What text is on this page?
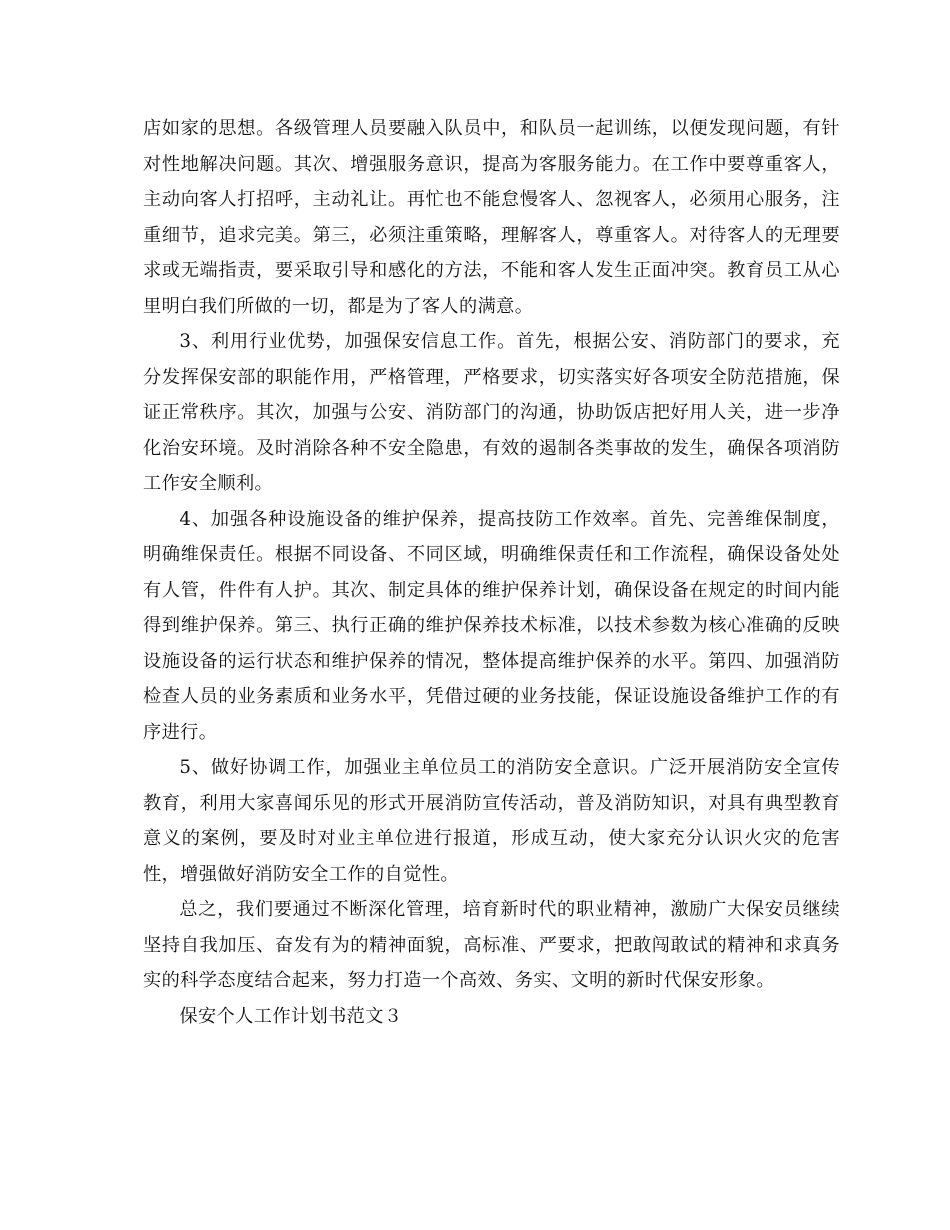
店如家的思想。各级管理人员要融入队员中，和队员一起训练，以便发现问题，有针对性地解决问题。其次、增强服务意识，提高为客服务能力。在工作中要尊重客人，主动向客人打招呼，主动礼让。再忙也不能怠慢客人、忽视客人，必须用心服务，注重细节，追求完美。第三，必须注重策略，理解客人，尊重客人。对待客人的无理要求或无端指责，要采取引导和感化的方法，不能和客人发生正面冲突。教育员工从心里明白我们所做的一切，都是为了客人的满意。

3、利用行业优势，加强保安信息工作。首先，根据公安、消防部门的要求，充分发挥保安部的职能作用，严格管理，严格要求，切实落实好各项安全防范措施，保证正常秩序。其次，加强与公安、消防部门的沟通，协助饭店把好用人关，进一步净化治安环境。及时消除各种不安全隐患，有效的遏制各类事故的发生，确保各项消防工作安全顺利。

4、加强各种设施设备的维护保养，提高技防工作效率。首先、完善维保制度，明确维保责任。根据不同设备、不同区域，明确维保责任和工作流程，确保设备处处有人管，件件有人护。其次、制定具体的维护保养计划，确保设备在规定的时间内能得到维护保养。第三、执行正确的维护保养技术标准，以技术参数为核心准确的反映设施设备的运行状态和维护保养的情况，整体提高维护保养的水平。第四、加强消防检查人员的业务素质和业务水平，凭借过硬的业务技能，保证设施设备维护工作的有序进行。

5、做好协调工作，加强业主单位员工的消防安全意识。广泛开展消防安全宣传教育，利用大家喜闻乐见的形式开展消防宣传活动，普及消防知识，对具有典型教育意义的案例，要及时对业主单位进行报道，形成互动，使大家充分认识火灾的危害性，增强做好消防安全工作的自觉性。

总之，我们要通过不断深化管理，培育新时代的职业精神，激励广大保安员继续坚持自我加压、奋发有为的精神面貌，高标准、严要求，把敢闯敢试的精神和求真务实的科学态度结合起来，努力打造一个高效、务实、文明的新时代保安形象。

保安个人工作计划书范文３
